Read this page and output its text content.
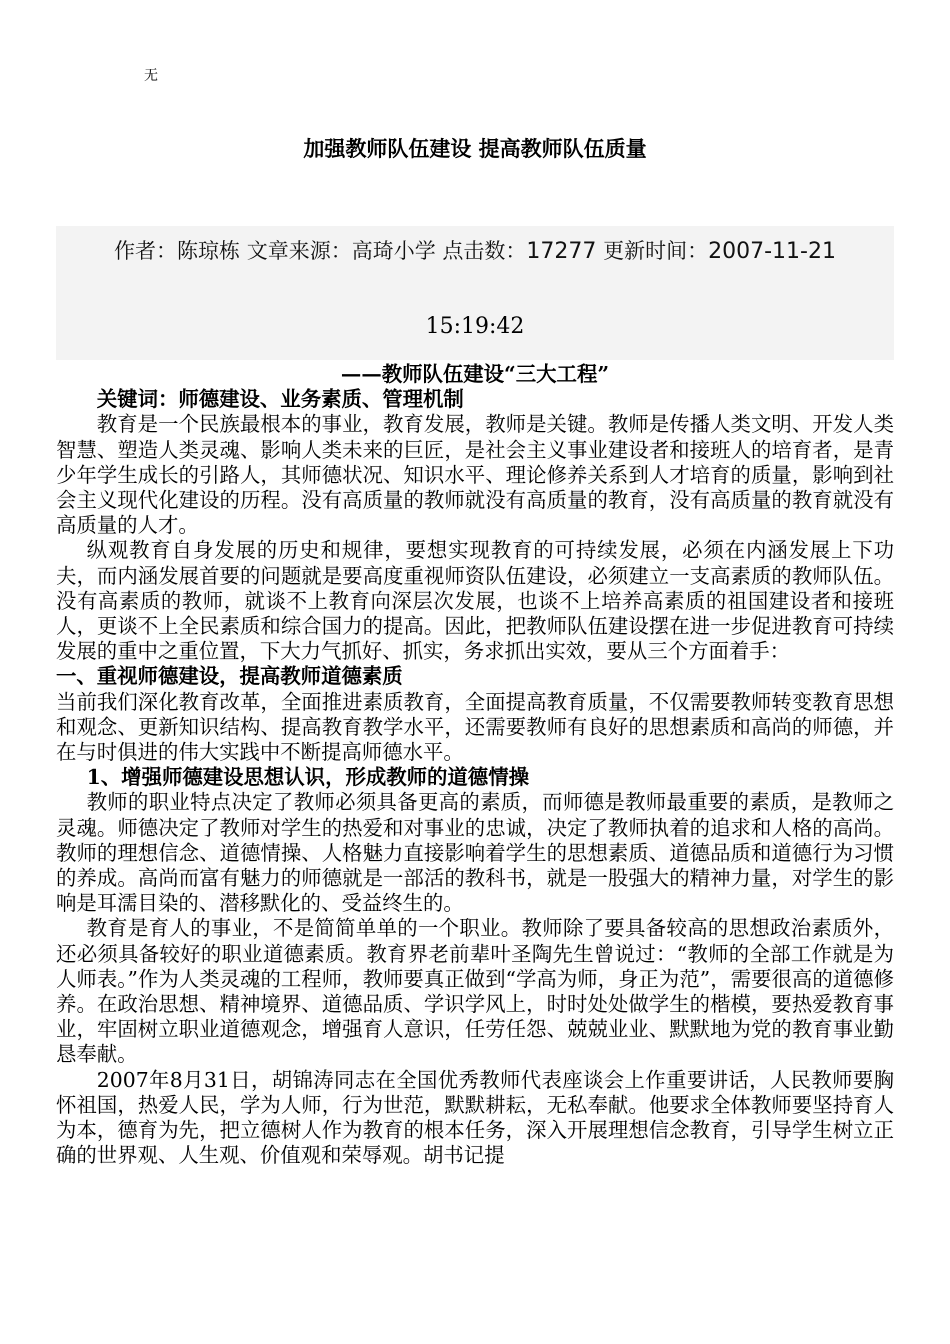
无
加强教师队伍建设 提高教师队伍质量
作者：陈琼栋 文章来源：高琦小学 点击数：17277 更新时间：2007-11-21
15:19:42

——教师队伍建设“三大工程”

关键词：师德建设、业务素质、管理机制

教育是一个民族最根本的事业，教育发展，教师是关键。教师是传播人类文明、开发人类智慧、塑造人类灵魂、影响人类未来的巨匠，是社会主义事业建设者和接班人的培育者，是青少年学生成长的引路人，其师德状况、知识水平、理论修养关系到人才培育的质量，影响到社会主义现代化建设的历程。没有高质量的教师就没有高质量的教育，没有高质量的教育就没有高质量的人才。

纵观教育自身发展的历史和规律，要想实现教育的可持续发展，必须在内涵发展上下功夫，而内涵发展首要的问题就是要高度重视师资队伍建设，必须建立一支高素质的教师队伍。没有高素质的教师，就谈不上教育向深层次发展，也谈不上培养高素质的祖国建设者和接班人，更谈不上全民素质和综合国力的提高。因此，把教师队伍建设摆在进一步促进教育可持续发展的重中之重位置，下大力气抓好、抓实，务求抓出实效，要从三个方面着手：

一、重视师德建设，提高教师道德素质

当前我们深化教育改革，全面推进素质教育，全面提高教育质量，不仅需要教师转变教育思想和观念、更新知识结构、提高教育教学水平，还需要教师有良好的思想素质和高尚的师德，并在与时俱进的伟大实践中不断提高师德水平。

1、增强师德建设思想认识，形成教师的道德情操

教师的职业特点决定了教师必须具备更高的素质，而师德是教师最重要的素质，是教师之灵魂。师德决定了教师对学生的热爱和对事业的忠诚，决定了教师执着的追求和人格的高尚。教师的理想信念、道德情操、人格魅力直接影响着学生的思想素质、道德品质和道德行为习惯的养成。高尚而富有魅力的师德就是一部活的教科书，就是一股强大的精神力量，对学生的影响是耳濡目染的、潜移默化的、受益终生的。

教育是育人的事业，不是简简单单的一个职业。教师除了要具备较高的思想政治素质外，还必须具备较好的职业道德素质。教育界老前辈叶圣陶先生曾说过：“教师的全部工作就是为人师表。”作为人类灵魂的工程师，教师要真正做到“学高为师，身正为范”，需要很高的道德修养。在政治思想、精神境界、道德品质、学识学风上，时时处处做学生的楷模，要热爱教育事业，牢固树立职业道德观念，增强育人意识，任劳任怨、兢兢业业、默默地为党的教育事业勤恳奉献。

2007年8月31日，胡锦涛同志在全国优秀教师代表座谈会上作重要讲话，人民教师要胸怀祖国，热爱人民，学为人师，行为世范，默默耕耘，无私奉献。他要求全体教师要坚持育人为本，德育为先，把立德树人作为教育的根本任务，深入开展理想信念教育，引导学生树立正确的世界观、人生观、价值观和荣辱观。胡书记提
